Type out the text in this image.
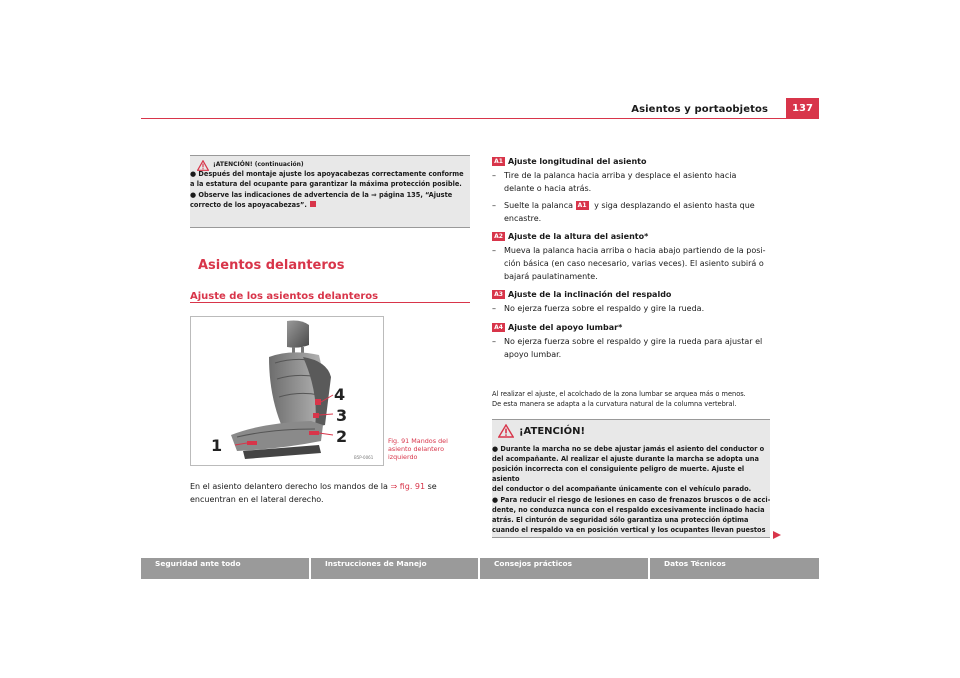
Asientos y portaobjetos	137
¡ATENCIÓN! (continuación)
● Después del montaje ajuste los apoyacabezas correctamente conforme a la estatura del ocupante para garantizar la máxima protección posible.
● Observe las indicaciones de advertencia de la ⇒ página 135, “Ajuste correcto de los apoyacabezas”.
Asientos delanteros
Ajuste de los asientos delanteros
4
3
2
1
B5P-0061
Fig. 91 Mandos del
asiento delantero
izquierdo
En el asiento delantero derecho los mandos de la ⇒ fig. 91 se
encuentran en el lateral derecho.
A1 Ajuste longitudinal del asiento
– Tire de la palanca hacia arriba y desplace el asiento hacia
delante o hacia atrás.
– Suelte la palanca A1 y siga desplazando el asiento hasta que
encastre.
A2 Ajuste de la altura del asiento*
– Mueva la palanca hacia arriba o hacia abajo partiendo de la posi-
ción básica (en caso necesario, varias veces). El asiento subirá o
bajará paulatinamente.
A3 Ajuste de la inclinación del respaldo
– No ejerza fuerza sobre el respaldo y gire la rueda.
A4 Ajuste del apoyo lumbar*
– No ejerza fuerza sobre el respaldo y gire la rueda para ajustar el
apoyo lumbar.
Al realizar el ajuste, el acolchado de la zona lumbar se arquea más o menos.
De esta manera se adapta a la curvatura natural de la columna vertebral.
¡ATENCIÓN!
● Durante la marcha no se debe ajustar jamás el asiento del conductor o
del acompañante. Al realizar el ajuste durante la marcha se adopta una
posición incorrecta con el consiguiente peligro de muerte. Ajuste el asiento
del conductor o del acompañante únicamente con el vehículo parado.
● Para reducir el riesgo de lesiones en caso de frenazos bruscos o de acci-
dente, no conduzca nunca con el respaldo excesivamente inclinado hacia
atrás. El cinturón de seguridad sólo garantiza una protección óptima
cuando el respaldo va en posición vertical y los ocupantes llevan puestos
Seguridad ante todo	Instrucciones de Manejo	Consejos prácticos	Datos Técnicos
